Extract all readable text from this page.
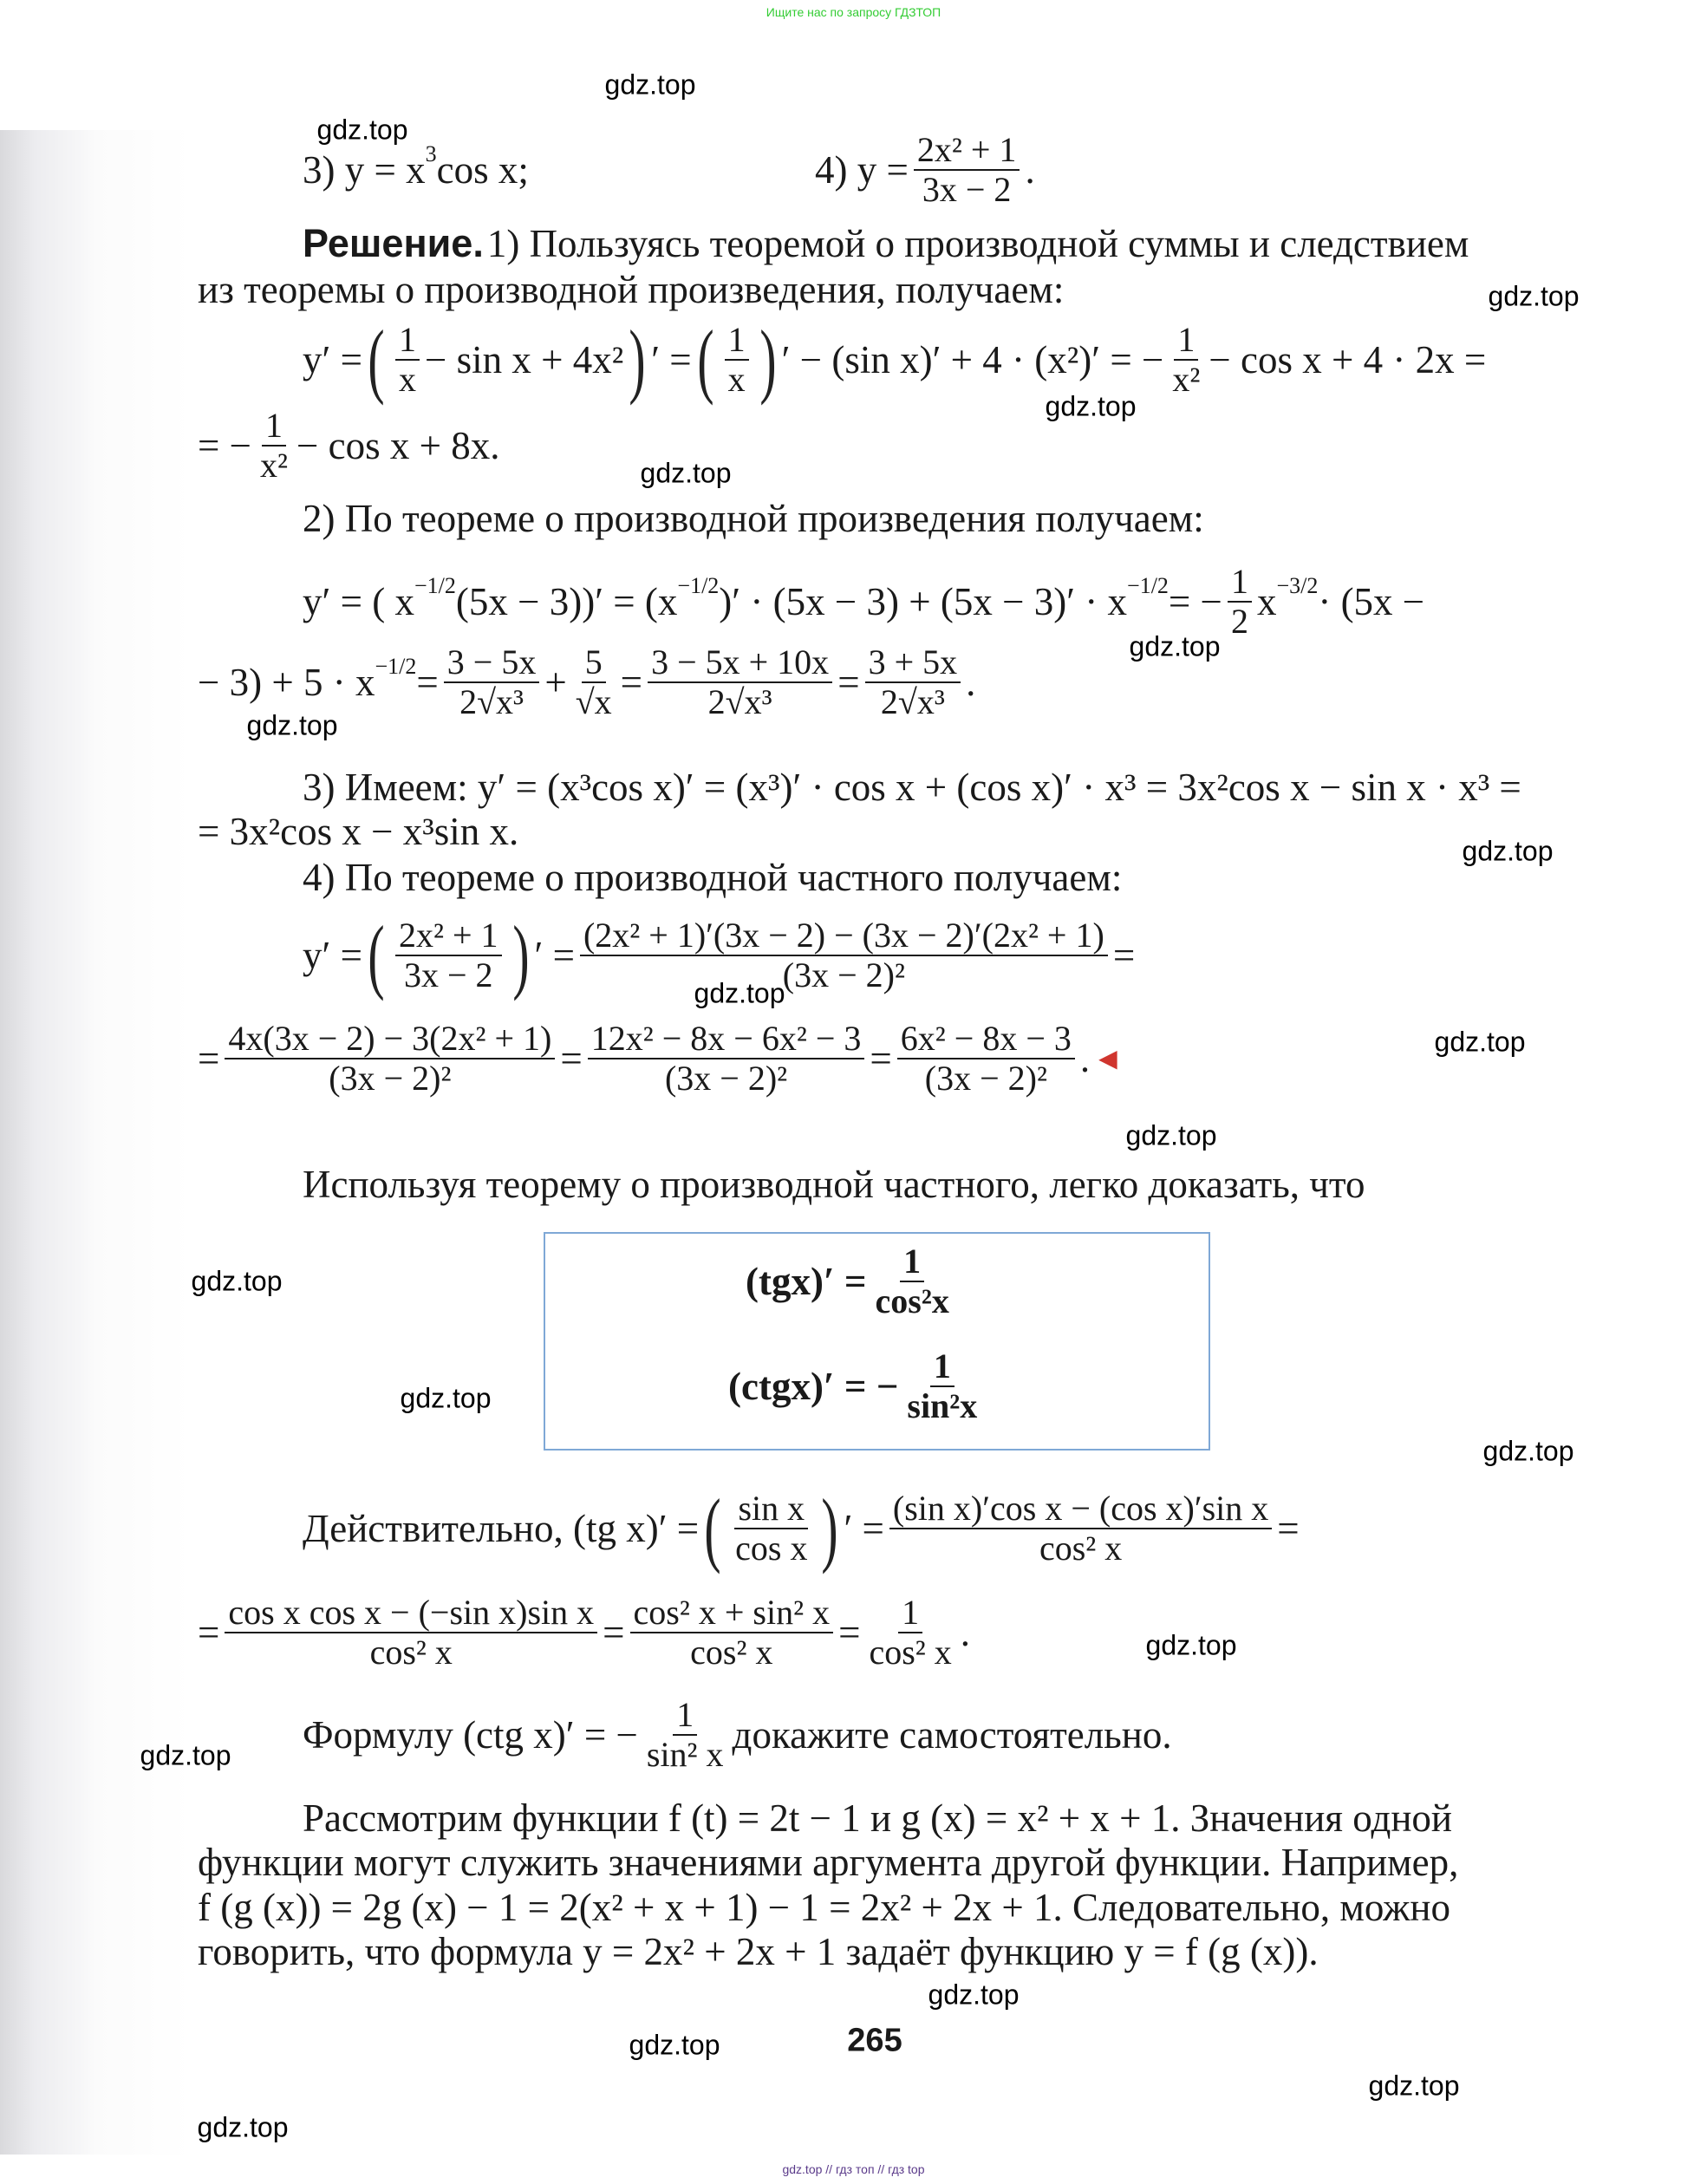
Ищите нас по запросу ГДЗТОП
3) y = x 3 cos x;	4) $y = \frac{\text{2x² + 1}}{3x - 2}$ .
Решение. 1) Пользуясь теоремой о производной суммы и следствием
из теоремы о производной произведения, получаем:
y′ = ( $\frac{1}{x} - \sin x + 4x^2$ ) ′ = ( $\frac{1}{x}$ ) ′ − (sin x)′ + 4 · (x²)′ = − $\frac{1}{\text{x²}} - \cos x + 4 \cdot 2x$ =
= − $\frac{1}{\text{x²}} - \cos x + 8x$.
2) По теореме о производной произведения получаем:
y′ = ( x −1/2 (5x − 3))′ = (x −1/2 )′ · (5x − 3) + (5x − 3)′ · x −1/2 = − $\frac{1}{2}$ x −3/2 · (5x −
− $3) + 5 \cdot x -1/2 = \frac{3 - 5x}{\text{2√x³}} + \frac{5}{√x} = \frac{3 - 5x + 10x}{\text{2√x³}} = \frac{3 + 5x}{\text{2√x³}}$ .
3) Имеем: y′ = (x³cos x)′ = (x³)′ · cos x + (cos x)′ · x³ = 3x²cos x − sin x · x³ =
= 3x²cos x − x³sin x.
4) По теореме о производной частного получаем:
y′ = ( $\frac{\text{2x² + 1}}{3x - 2}$ ) ′ = $\frac{\text{(2x² + 1)′(3x − 2) − (3x − 2)′(2x² + 1)}}{\text{(3x − 2)²}}$ =
= $\frac{\text{4x(3x − 2) − 3(2x² + 1)}}{\text{(3x − 2)²}} = \frac{\text{12x² − 8x − 6x² − 3}}{\text{(3x − 2)²}} = \frac{\text{6x² − 8x − 3}}{\text{(3x − 2)²}}$ . ◀
Используя теорему о производной частного, легко доказать, что
Действительно, (tg x)′ = ( $\frac{\text{sin x}}{\text{cos x}}$ ) ′ = $\frac{\text{(sin x)′cos x − (cos x)′sin x}}{\text{cos² x}}$ =
= $\frac{\text{cos x cos x − (−sin x)sin x}}{\text{cos² x}} = \frac{\text{cos² x + sin² x}}{\text{cos² x}} = \frac{1}{\text{cos² x}}$ .
Формулу (ctg x)′ = − $\frac{1}{\text{sin² x}}$ докажите самостоятельно.
Рассмотрим функции f (t) = 2t − 1 и g (x) = x² + x + 1. Значения одной
функции могут служить значениями аргумента другой функции. Например,
f (g (x)) = 2g (x) − 1 = 2(x² + x + 1) − 1 = 2x² + 2x + 1. Следовательно, можно
говорить, что формула y = 2x² + 2x + 1 задаёт функцию y = f (g (x)).
$(tgx)' = \frac{1}{\text{cos²x}}$
(ctgx)′ = − $\frac{1}{\text{sin²x}}$
265
gdz.top // гдз топ // гдз top
gdz.top
gdz.top
gdz.top
gdz.top
gdz.top
gdz.top
gdz.top
gdz.top
gdz.top
gdz.top
gdz.top
gdz.top
gdz.top
gdz.top
gdz.top
gdz.top
gdz.top
gdz.top
gdz.top
gdz.top
